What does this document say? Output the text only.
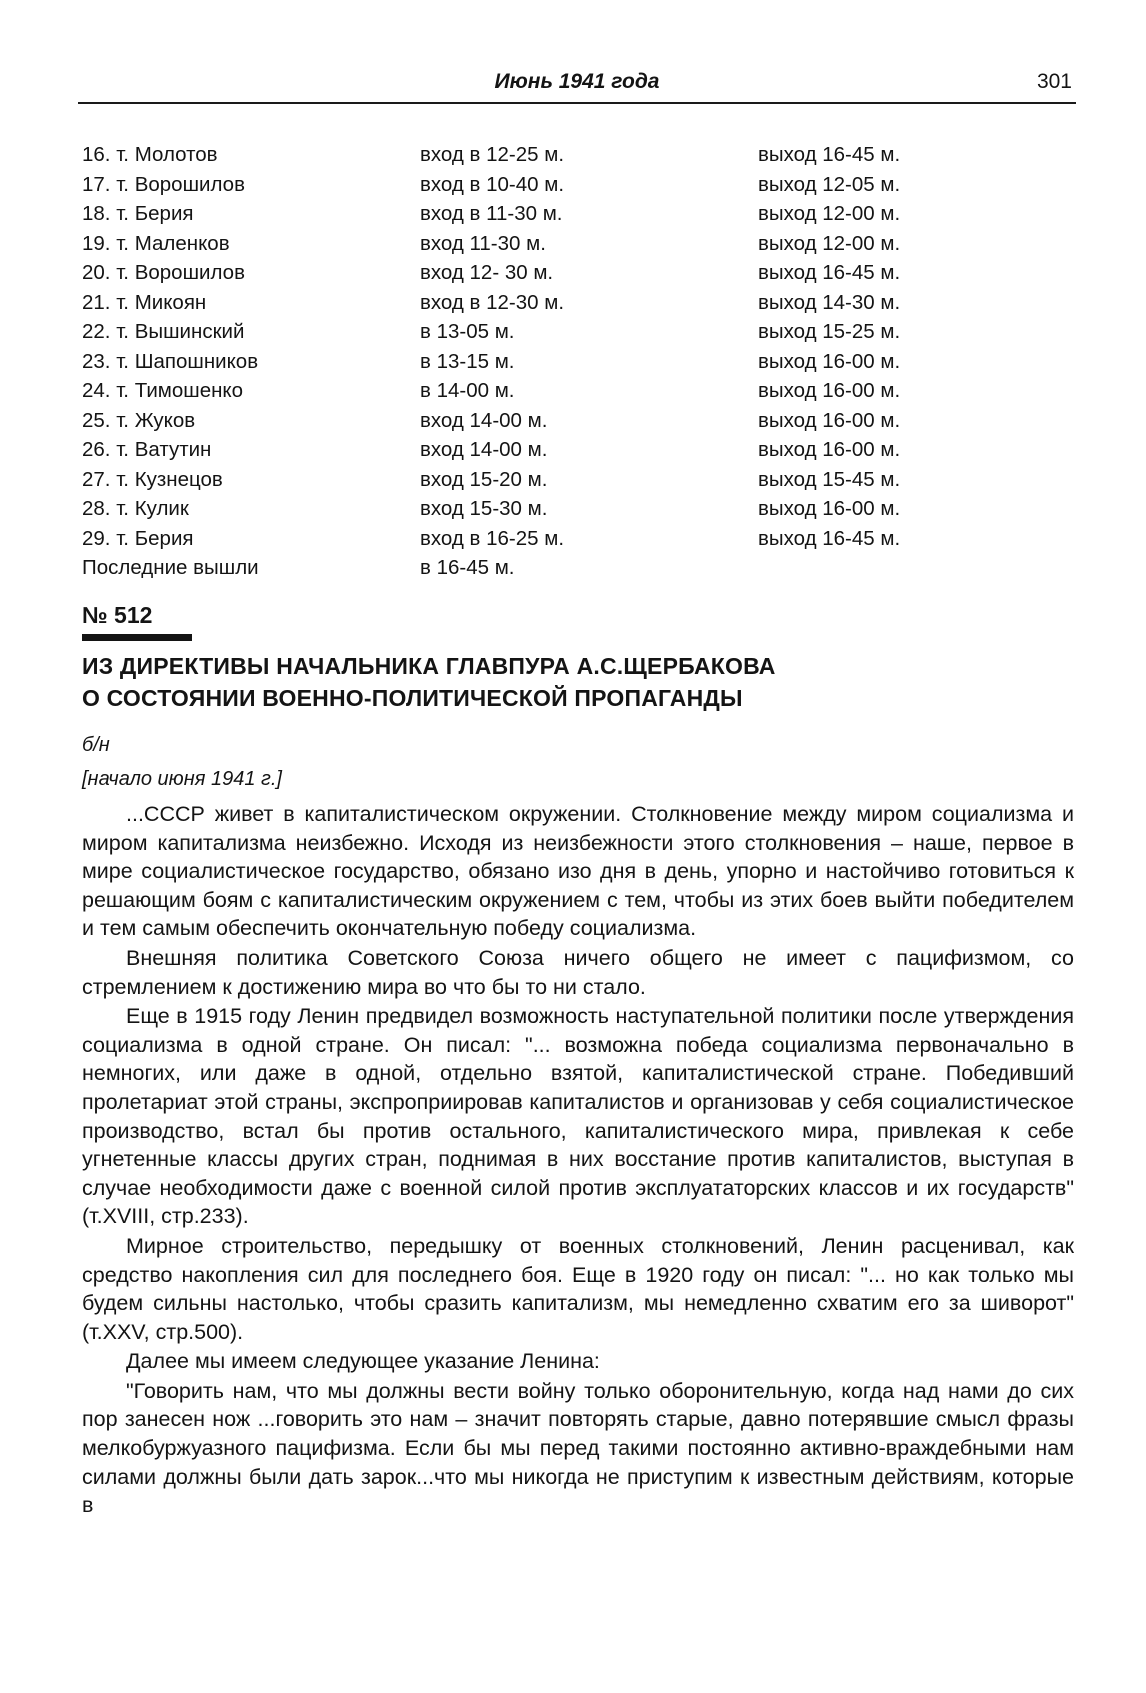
Июнь 1941 года	301
16. т. Молотов	вход в 12-25 м.	выход 16-45 м.
17. т. Ворошилов	вход в 10-40 м.	выход 12-05 м.
18. т. Берия	вход в 11-30 м.	выход 12-00 м.
19. т. Маленков	вход 11-30 м.	выход 12-00 м.
20. т. Ворошилов	вход 12- 30 м.	выход 16-45 м.
21. т. Микоян	вход в 12-30 м.	выход 14-30 м.
22. т. Вышинский	в 13-05 м.	выход 15-25 м.
23. т. Шапошников	в 13-15 м.	выход 16-00 м.
24. т. Тимошенко	в 14-00 м.	выход 16-00 м.
25. т. Жуков	вход 14-00 м.	выход 16-00 м.
26. т. Ватутин	вход 14-00 м.	выход 16-00 м.
27. т. Кузнецов	вход 15-20 м.	выход 15-45 м.
28. т. Кулик	вход 15-30 м.	выход 16-00 м.
29. т. Берия	вход в 16-25 м.	выход 16-45 м.
Последние вышли	в 16-45 м.
№ 512
ИЗ ДИРЕКТИВЫ НАЧАЛЬНИКА ГЛАВПУРА А.С.ЩЕРБАКОВА
О СОСТОЯНИИ ВОЕННО-ПОЛИТИЧЕСКОЙ ПРОПАГАНДЫ
б/н
[начало июня 1941 г.]

...СССР живет в капиталистическом окружении. Столкновение между миром социализма и миром капитализма неизбежно. Исходя из неизбежности этого столкновения – наше, первое в мире социалистическое государство, обязано изо дня в день, упорно и настойчиво готовиться к решающим боям с капиталистическим окружением с тем, чтобы из этих боев выйти победителем и тем самым обеспечить окончательную победу социализма.

Внешняя политика Советского Союза ничего общего не имеет с пацифизмом, со стремлением к достижению мира во что бы то ни стало.

Еще в 1915 году Ленин предвидел возможность наступательной политики после утверждения социализма в одной стране. Он писал: "... возможна победа социализма первоначально в немногих, или даже в одной, отдельно взятой, капиталистической стране. Победивший пролетариат этой страны, экспроприировав капиталистов и организовав у себя социалистическое производство, встал бы против остального, капиталистического мира, привлекая к себе угнетенные классы других стран, поднимая в них восстание против капиталистов, выступая в случае необходимости даже с военной силой против эксплуататорских классов и их государств" (т.XVIII, стр.233).

Мирное строительство, передышку от военных столкновений, Ленин расценивал, как средство накопления сил для последнего боя. Еще в 1920 году он писал: "... но как только мы будем сильны настолько, чтобы сразить капитализм, мы немедленно схватим его за шиворот" (т.XXV, стр.500).

Далее мы имеем следующее указание Ленина:

"Говорить нам, что мы должны вести войну только оборонительную, когда над нами до сих пор занесен нож ...говорить это нам – значит повторять старые, давно потерявшие смысл фразы мелкобуржуазного пацифизма. Если бы мы перед такими постоянно активно-враждебными нам силами должны были дать зарок...что мы никогда не приступим к известным действиям, которые в
